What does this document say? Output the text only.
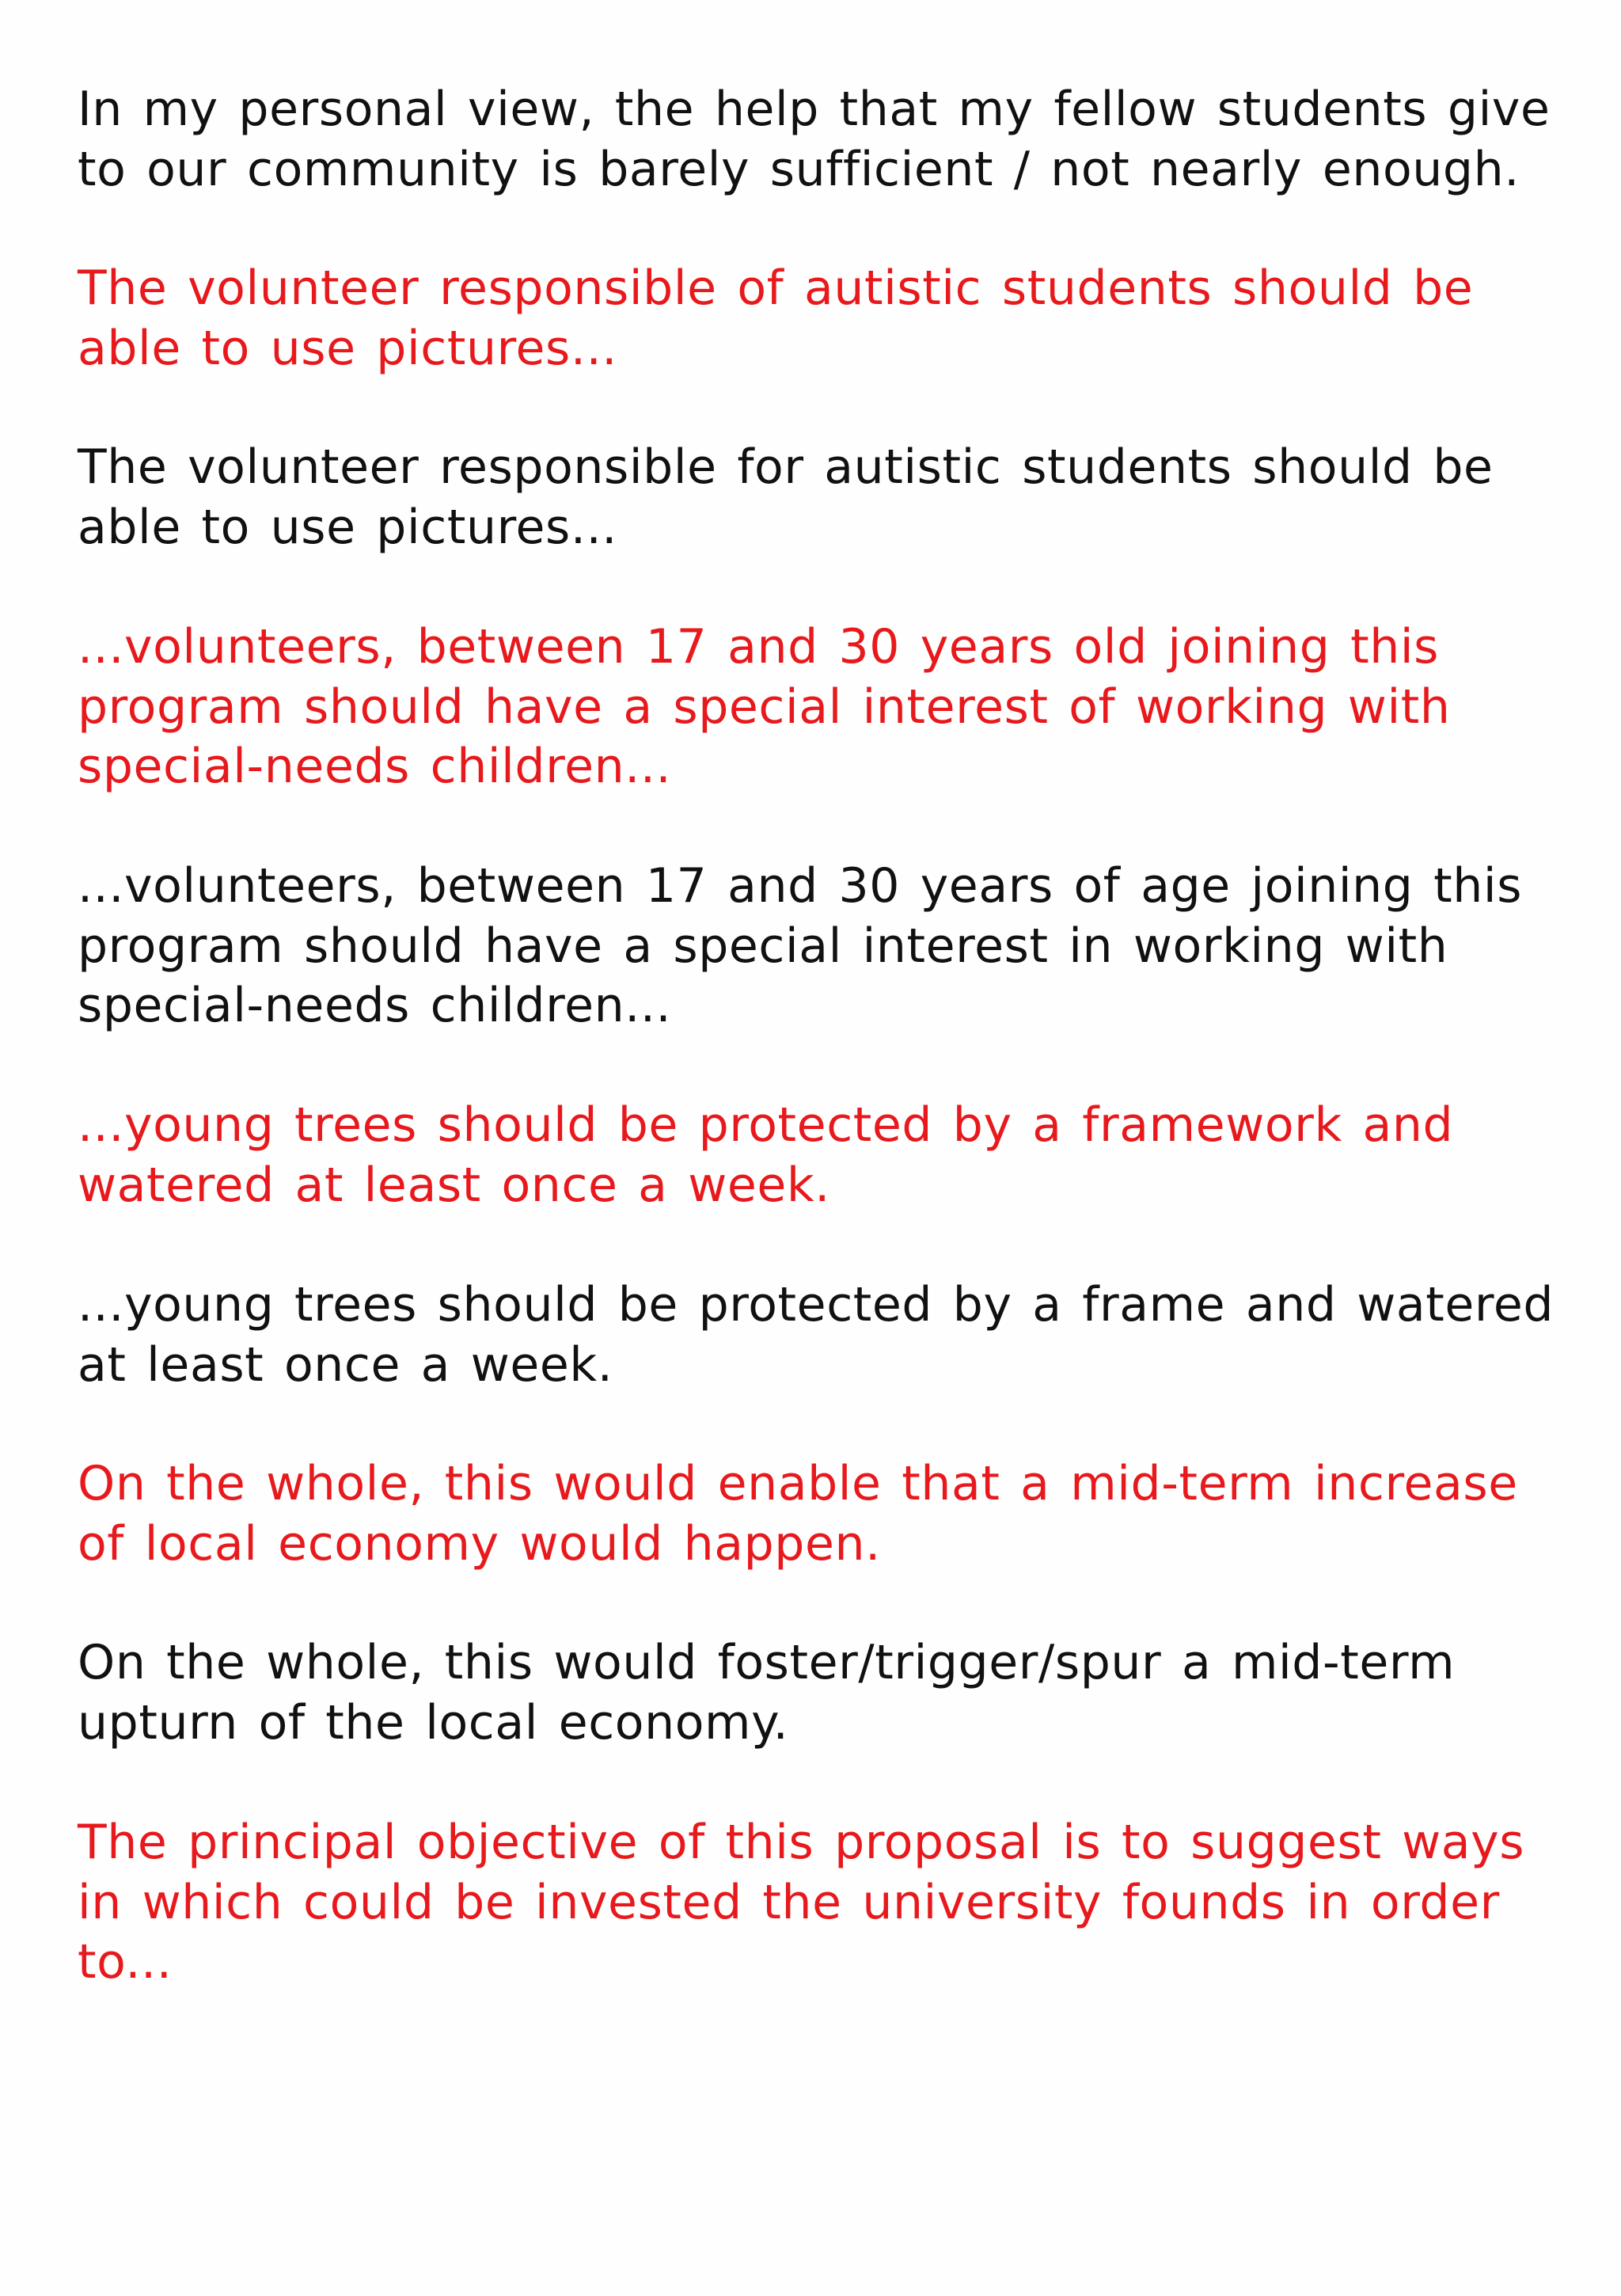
In my personal view, the help that my fellow students give
to our community is barely sufficient / not nearly enough.

The volunteer responsible of autistic students should be
able to use pictures...

The volunteer responsible for autistic students should be
able to use pictures...

...volunteers, between 17 and 30 years old joining this
program should have a special interest of working with
special-needs children...

...volunteers, between 17 and 30 years of age joining this
program should have a special interest in working with
special-needs children...

...young trees should be protected by a framework and
watered at least once a week.

...young trees should be protected by a frame and watered
at least once a week.

On the whole, this would enable that a mid-term increase
of local economy would happen.

On the whole, this would foster/trigger/spur a mid-term
upturn of the local economy.

The principal objective of this proposal is to suggest ways
in which could be invested the university founds in order
to...
